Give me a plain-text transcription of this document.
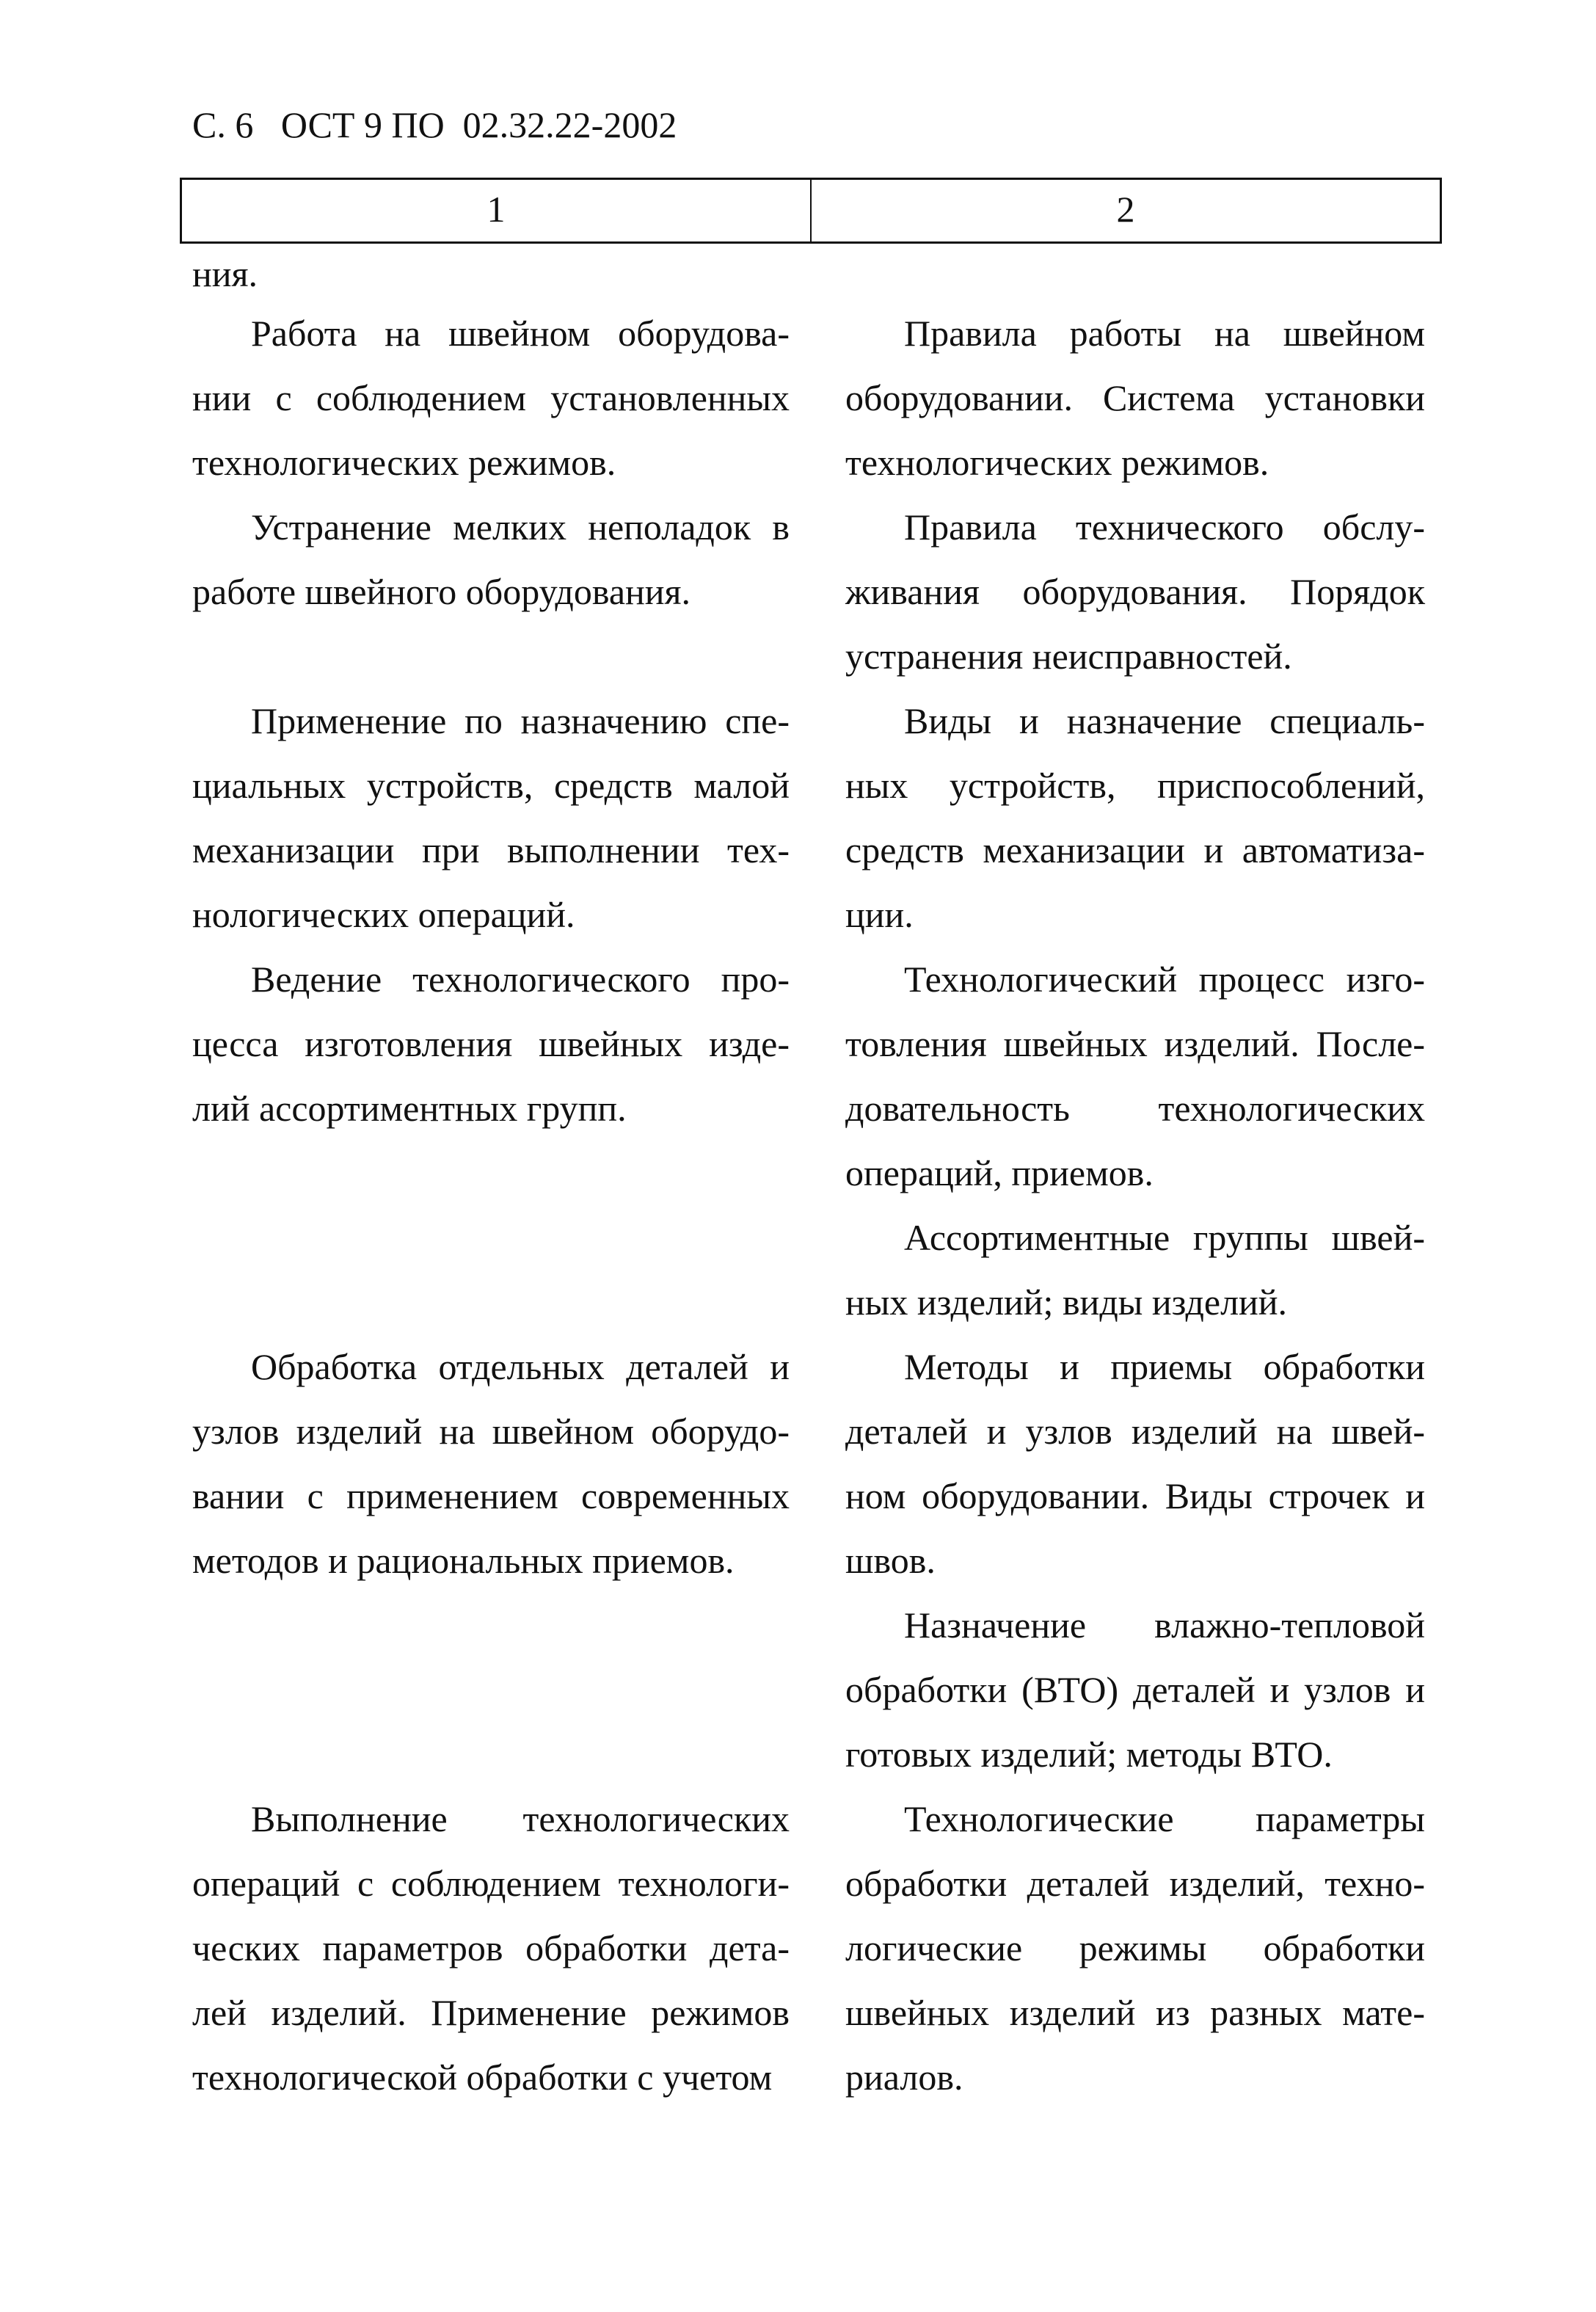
С. 6   ОСТ 9 ПО  02.32.22-2002
1	2
ния.
Работа на швейном оборудова-
нии с соблюдением установленных
технологических режимов.
Устранение мелких неполадок в
работе швейного оборудования.
Применение по назначению спе-
циальных устройств, средств малой
механизации при выполнении тех-
нологических операций.
Ведение технологического про-
цесса изготовления швейных изде-
лий ассортиментных групп.
Обработка отдельных деталей и
узлов изделий на швейном оборудо-
вании с применением современных
методов и рациональных приемов.
Выполнение технологических
операций с соблюдением технологи-
ческих параметров обработки дета-
лей изделий. Применение режимов
технологической обработки с учетом
Правила работы на швейном
оборудовании. Система установки
технологических режимов.
Правила технического обслу-
живания оборудования. Порядок
устранения неисправностей.
Виды и назначение специаль-
ных устройств, приспособлений,
средств механизации и автоматиза-
ции.
Технологический процесс изго-
товления швейных изделий. После-
довательность технологических
операций, приемов.
Ассортиментные группы швей-
ных изделий; виды изделий.
Методы и приемы обработки
деталей и узлов изделий на швей-
ном оборудовании. Виды строчек и
швов.
Назначение влажно-тепловой
обработки (ВТО) деталей и узлов и
готовых изделий; методы ВТО.
Технологические параметры
обработки деталей изделий, техно-
логические режимы обработки
швейных изделий из разных мате-
риалов.
